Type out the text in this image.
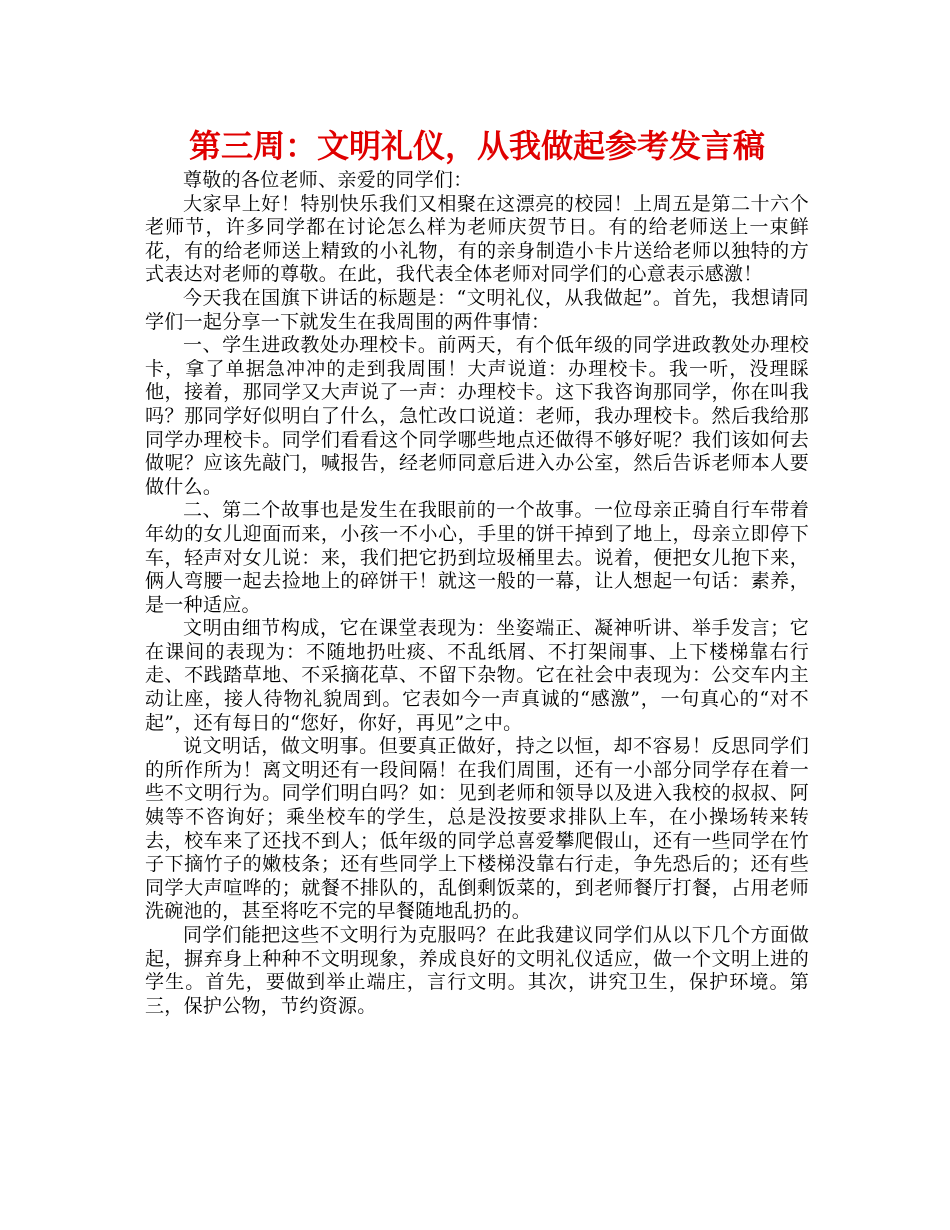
第三周：文明礼仪，从我做起参考发言稿

尊敬的各位老师、亲爱的同学们：

大家早上好！特别快乐我们又相聚在这漂亮的校园！上周五是第二十六个老师节，许多同学都在讨论怎么样为老师庆贺节日。有的给老师送上一束鲜花，有的给老师送上精致的小礼物，有的亲身制造小卡片送给老师以独特的方式表达对老师的尊敬。在此，我代表全体老师对同学们的心意表示感激！

今天我在国旗下讲话的标题是：“文明礼仪，从我做起”。首先，我想请同学们一起分享一下就发生在我周围的两件事情：

一、学生进政教处办理校卡。前两天，有个低年级的同学进政教处办理校卡，拿了单据急冲冲的走到我周围！大声说道：办理校卡。我一听，没理睬他，接着，那同学又大声说了一声：办理校卡。这下我咨询那同学，你在叫我吗？那同学好似明白了什么，急忙改口说道：老师，我办理校卡。然后我给那同学办理校卡。同学们看看这个同学哪些地点还做得不够好呢？我们该如何去做呢？应该先敲门，喊报告，经老师同意后进入办公室，然后告诉老师本人要做什么。

二、第二个故事也是发生在我眼前的一个故事。一位母亲正骑自行车带着年幼的女儿迎面而来，小孩一不小心，手里的饼干掉到了地上，母亲立即停下车，轻声对女儿说：来，我们把它扔到垃圾桶里去。说着，便把女儿抱下来，俩人弯腰一起去捡地上的碎饼干！就这一般的一幕，让人想起一句话：素养，是一种适应。

文明由细节构成，它在课堂表现为：坐姿端正、凝神听讲、举手发言；它在课间的表现为：不随地扔吐痰、不乱纸屑、不打架闹事、上下楼梯靠右行走、不践踏草地、不采摘花草、不留下杂物。它在社会中表现为：公交车内主动让座，接人待物礼貌周到。它表如今一声真诚的“感激”，一句真心的“对不起”，还有每日的“您好，你好，再见”之中。

说文明话，做文明事。但要真正做好，持之以恒，却不容易！反思同学们的所作所为！离文明还有一段间隔！在我们周围，还有一小部分同学存在着一些不文明行为。同学们明白吗？如：见到老师和领导以及进入我校的叔叔、阿姨等不咨询好；乘坐校车的学生，总是没按要求排队上车，在小操场转来转去，校车来了还找不到人；低年级的同学总喜爱攀爬假山，还有一些同学在竹子下摘竹子的嫩枝条；还有些同学上下楼梯没靠右行走，争先恐后的；还有些同学大声喧哗的；就餐不排队的，乱倒剩饭菜的，到老师餐厅打餐，占用老师洗碗池的，甚至将吃不完的早餐随地乱扔的。

同学们能把这些不文明行为克服吗？在此我建议同学们从以下几个方面做起，摒弃身上种种不文明现象，养成良好的文明礼仪适应，做一个文明上进的学生。首先，要做到举止端庄，言行文明。其次，讲究卫生，保护环境。第三，保护公物，节约资源。
